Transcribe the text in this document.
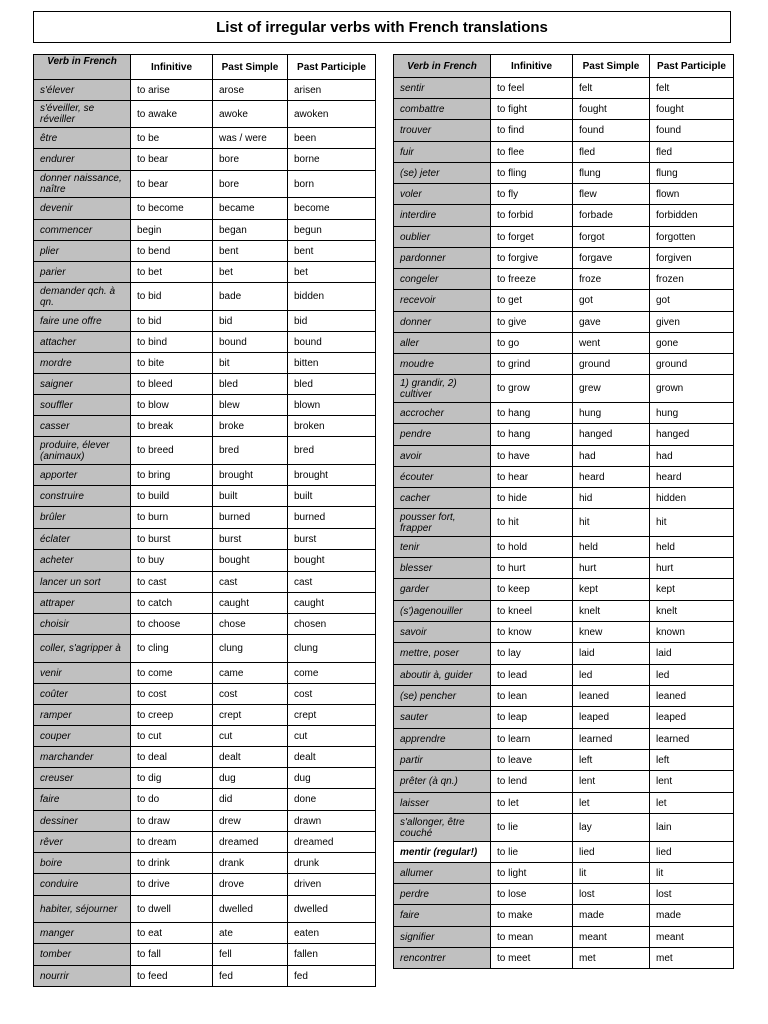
List of irregular verbs with French translations
Verb in French	Infinitive	Past Simple	Past Participle
s'élever	to arise	arose	arisen
s'éveiller, se réveiller	to awake	awoke	awoken
être	to be	was / were	been
endurer	to bear	bore	borne
donner naissance, naître	to bear	bore	born
devenir	to become	became	become
commencer	begin	began	begun
plier	to bend	bent	bent
parier	to bet	bet	bet
demander qch. à qn.	to bid	bade	bidden
faire une offre	to bid	bid	bid
attacher	to bind	bound	bound
mordre	to bite	bit	bitten
saigner	to bleed	bled	bled
souffler	to blow	blew	blown
casser	to break	broke	broken
produire, élever (animaux)	to breed	bred	bred
apporter	to bring	brought	brought
construire	to build	built	built
brûler	to burn	burned	burned
éclater	to burst	burst	burst
acheter	to buy	bought	bought
lancer un sort	to cast	cast	cast
attraper	to catch	caught	caught
choisir	to choose	chose	chosen
coller, s'agripper à	to cling	clung	clung
venir	to come	came	come
coûter	to cost	cost	cost
ramper	to creep	crept	crept
couper	to cut	cut	cut
marchander	to deal	dealt	dealt
creuser	to dig	dug	dug
faire	to do	did	done
dessiner	to draw	drew	drawn
rêver	to dream	dreamed	dreamed
boire	to drink	drank	drunk
conduire	to drive	drove	driven
habiter, séjourner	to dwell	dwelled	dwelled
manger	to eat	ate	eaten
tomber	to fall	fell	fallen
nourrir	to feed	fed	fed
Verb in French	Infinitive	Past Simple	Past Participle
sentir	to feel	felt	felt
combattre	to fight	fought	fought
trouver	to find	found	found
fuir	to flee	fled	fled
(se) jeter	to fling	flung	flung
voler	to fly	flew	flown
interdire	to forbid	forbade	forbidden
oublier	to forget	forgot	forgotten
pardonner	to forgive	forgave	forgiven
congeler	to freeze	froze	frozen
recevoir	to get	got	got
donner	to give	gave	given
aller	to go	went	gone
moudre	to grind	ground	ground
1) grandir, 2) cultiver	to grow	grew	grown
accrocher	to hang	hung	hung
pendre	to hang	hanged	hanged
avoir	to have	had	had
écouter	to hear	heard	heard
cacher	to hide	hid	hidden
pousser fort, frapper	to hit	hit	hit
tenir	to hold	held	held
blesser	to hurt	hurt	hurt
garder	to keep	kept	kept
(s')agenouiller	to kneel	knelt	knelt
savoir	to know	knew	known
mettre, poser	to lay	laid	laid
aboutir à, guider	to lead	led	led
(se) pencher	to lean	leaned	leaned
sauter	to leap	leaped	leaped
apprendre	to learn	learned	learned
partir	to leave	left	left
prêter (à qn.)	to lend	lent	lent
laisser	to let	let	let
s'allonger, être couché	to lie	lay	lain
mentir (regular!)	to lie	lied	lied
allumer	to light	lit	lit
perdre	to lose	lost	lost
faire	to make	made	made
signifier	to mean	meant	meant
rencontrer	to meet	met	met
